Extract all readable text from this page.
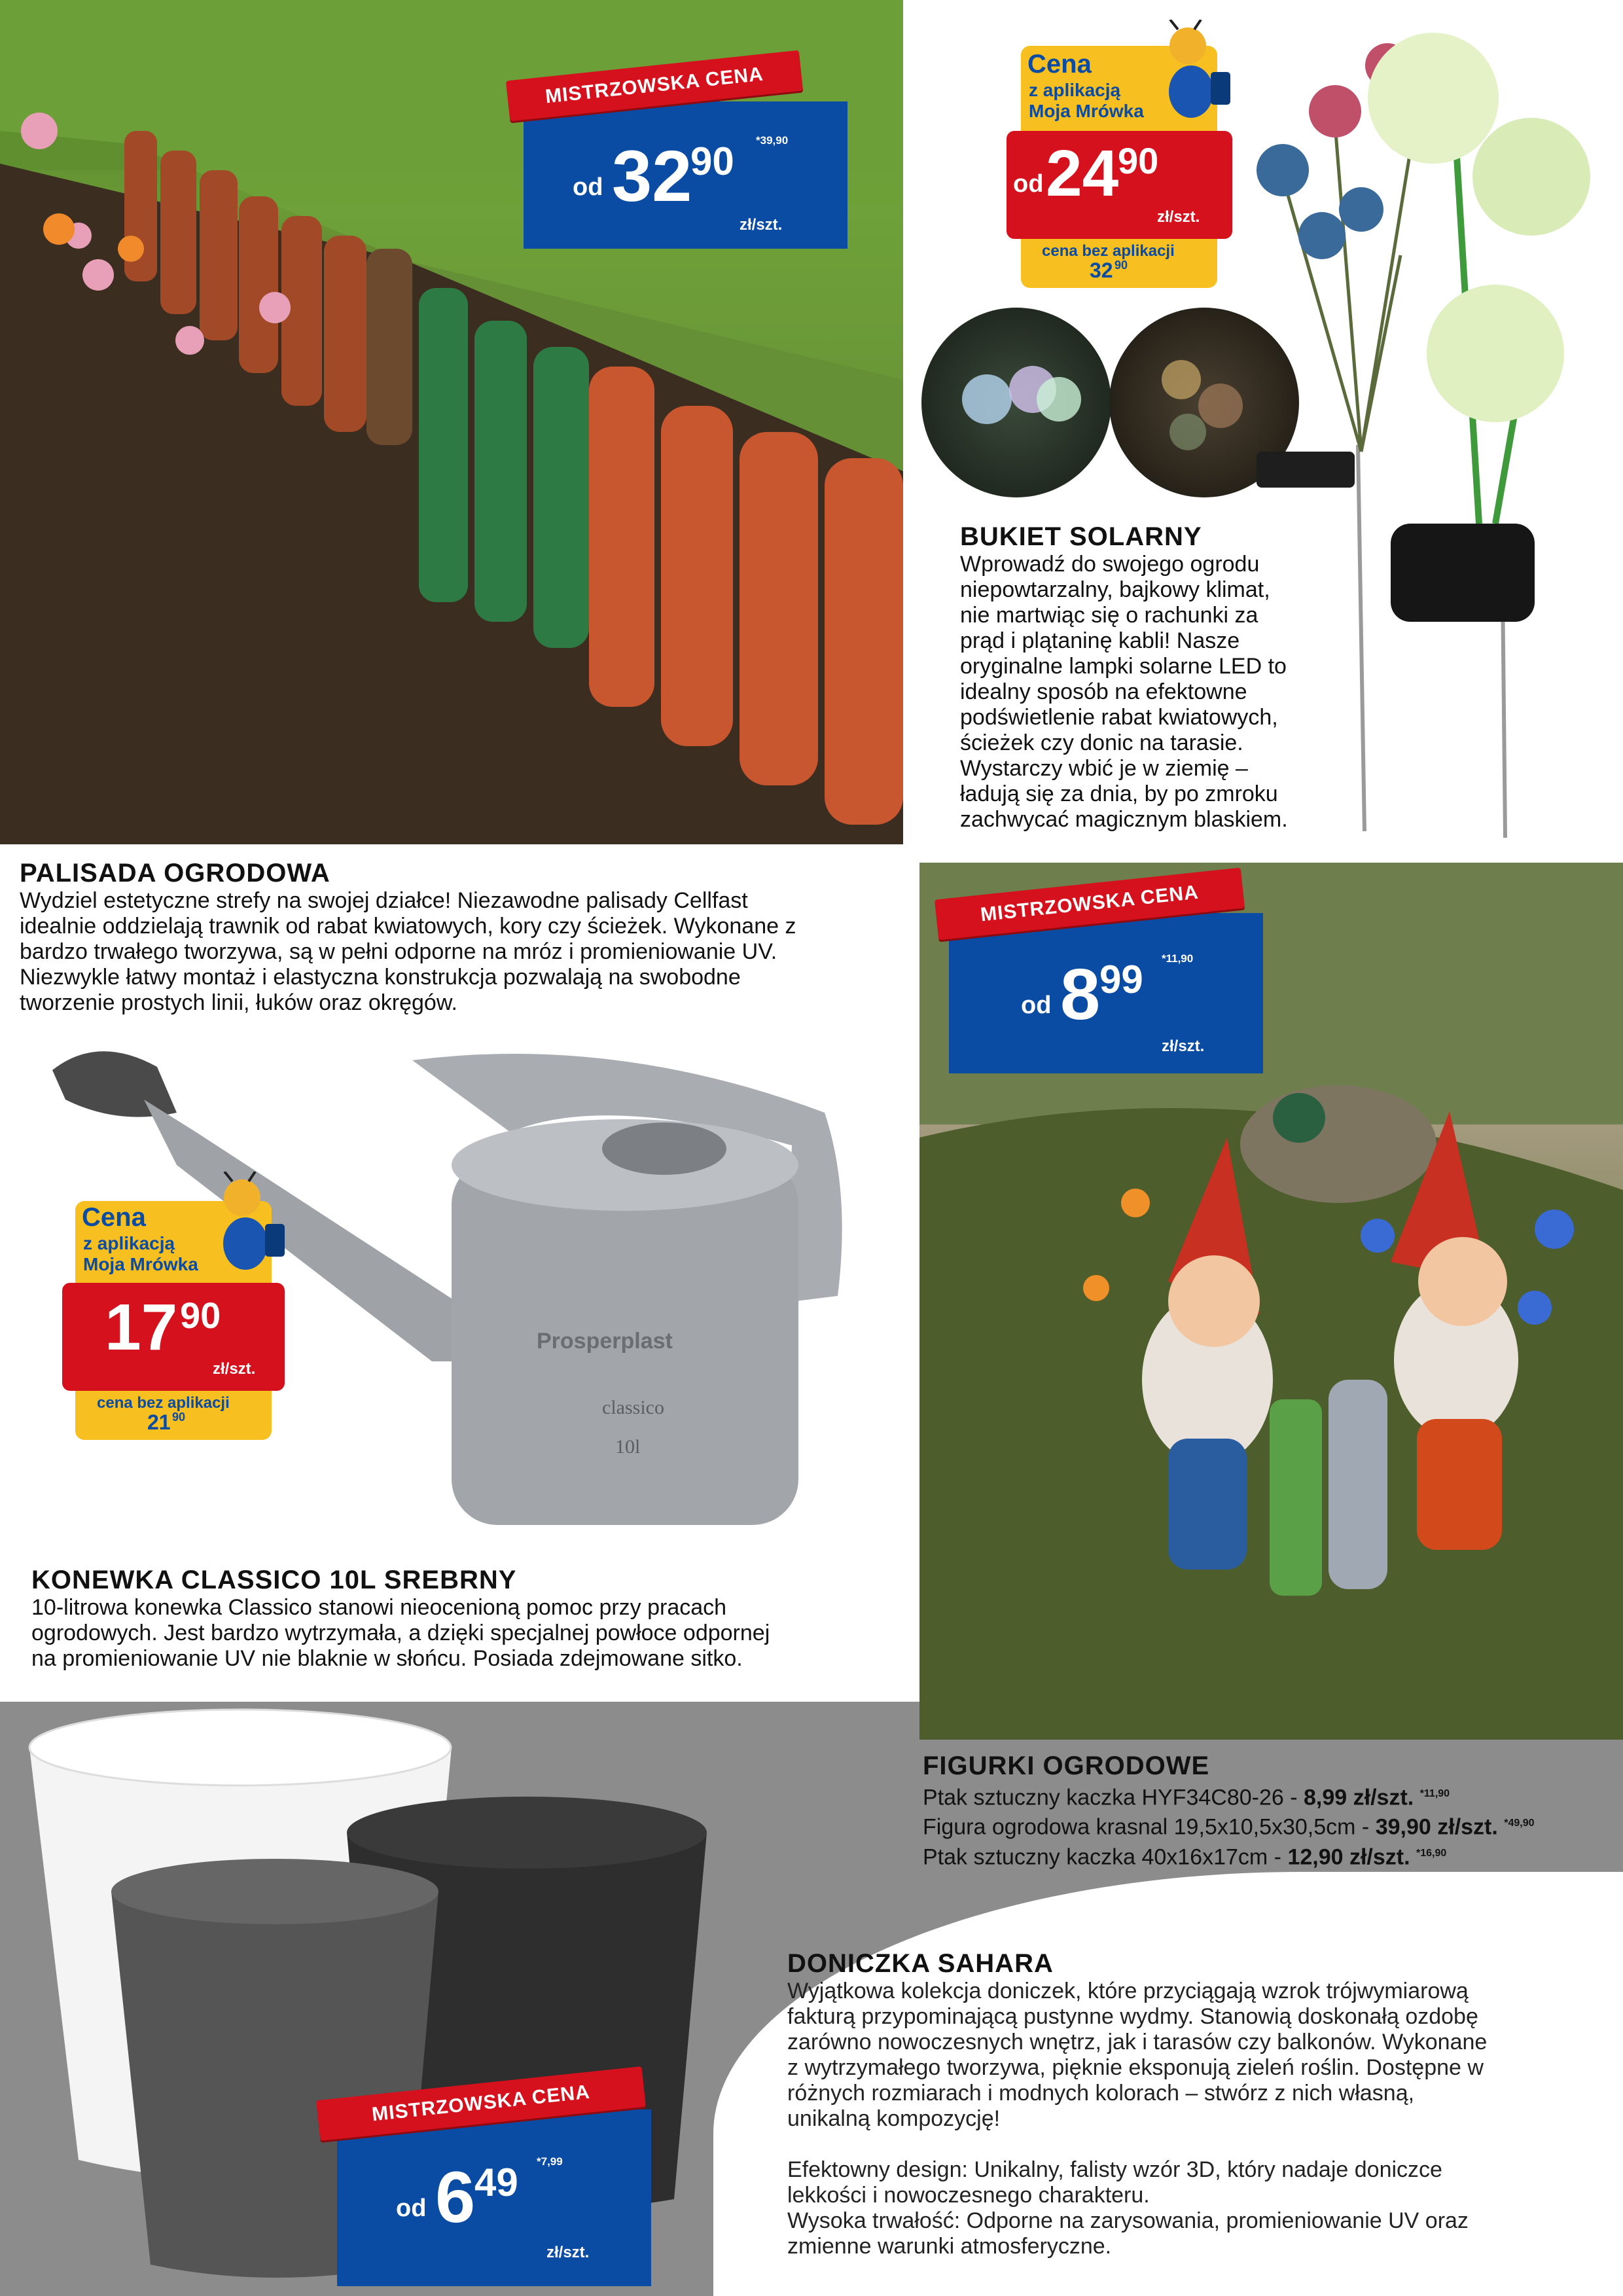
Prosperplast
classico
10l
PALISADA OGRODOWA
Wydziel estetyczne strefy na swojej działce! Niezawodne palisady Cellfast
idealnie oddzielają trawnik od rabat kwiatowych, kory czy ścieżek. Wykonane z
bardzo trwałego tworzywa, są w pełni odporne na mróz i promieniowanie UV.
Niezwykle łatwy montaż i elastyczna konstrukcja pozwalają na swobodne
tworzenie prostych linii, łuków oraz okręgów.
BUKIET SOLARNY
Wprowadź do swojego ogrodu
niepowtarzalny, bajkowy klimat,
nie martwiąc się o rachunki za
prąd i plątaninę kabli! Nasze
oryginalne lampki solarne LED to
idealny sposób na efektowne
podświetlenie rabat kwiatowych,
ścieżek czy donic na tarasie.
Wystarczy wbić je w ziemię –
ładują się za dnia, by po zmroku
zachwycać magicznym blaskiem.
KONEWKA CLASSICO 10L SREBRNY
10-litrowa konewka Classico stanowi nieocenioną pomoc przy pracach
ogrodowych. Jest bardzo wytrzymała, a dzięki specjalnej powłoce odpornej
na promieniowanie UV nie blaknie w słońcu. Posiada zdejmowane sitko.
FIGURKI OGRODOWE
Ptak sztuczny kaczka HYF34C80-26 - 8,99 zł/szt. $^{*11,90}$
Figura ogrodowa krasnal 19,5x10,5x30,5cm - 39,90 zł/szt. $^{*49,90}$
Ptak sztuczny kaczka 40x16x17cm - 12,90 zł/szt. $^{*16,90}$
DONICZKA SAHARA
Wyjątkowa kolekcja doniczek, które przyciągają wzrok trójwymiarową
fakturą przypominającą pustynne wydmy. Stanowią doskonałą ozdobę
zarówno nowoczesnych wnętrz, jak i tarasów czy balkonów. Wykonane
z wytrzymałego tworzywa, pięknie eksponują zieleń roślin. Dostępne w
różnych rozmiarach i modnych kolorach – stwórz z nich własną,
unikalną kompozycję!
Efektowny design: Unikalny, falisty wzór 3D, który nadaje doniczce
lekkości i nowoczesnego charakteru.
Wysoka trwałość: Odporne na zarysowania, promieniowanie UV oraz
zmienne warunki atmosferyczne.
od 32
90 *39,90
zł/szt.
MISTRZOWSKA CENA
od 8
99 *11,90
zł/szt.
MISTRZOWSKA CENA
od 6
49 *7,99
zł/szt.
MISTRZOWSKA CENA
Cena
z aplikacją
Moja Mrówka
od 24
90
zł/szt.
cena bez aplikacji
32 90
Cena
z aplikacją
Moja Mrówka
17 90
zł/szt.
cena bez aplikacji
21 90
